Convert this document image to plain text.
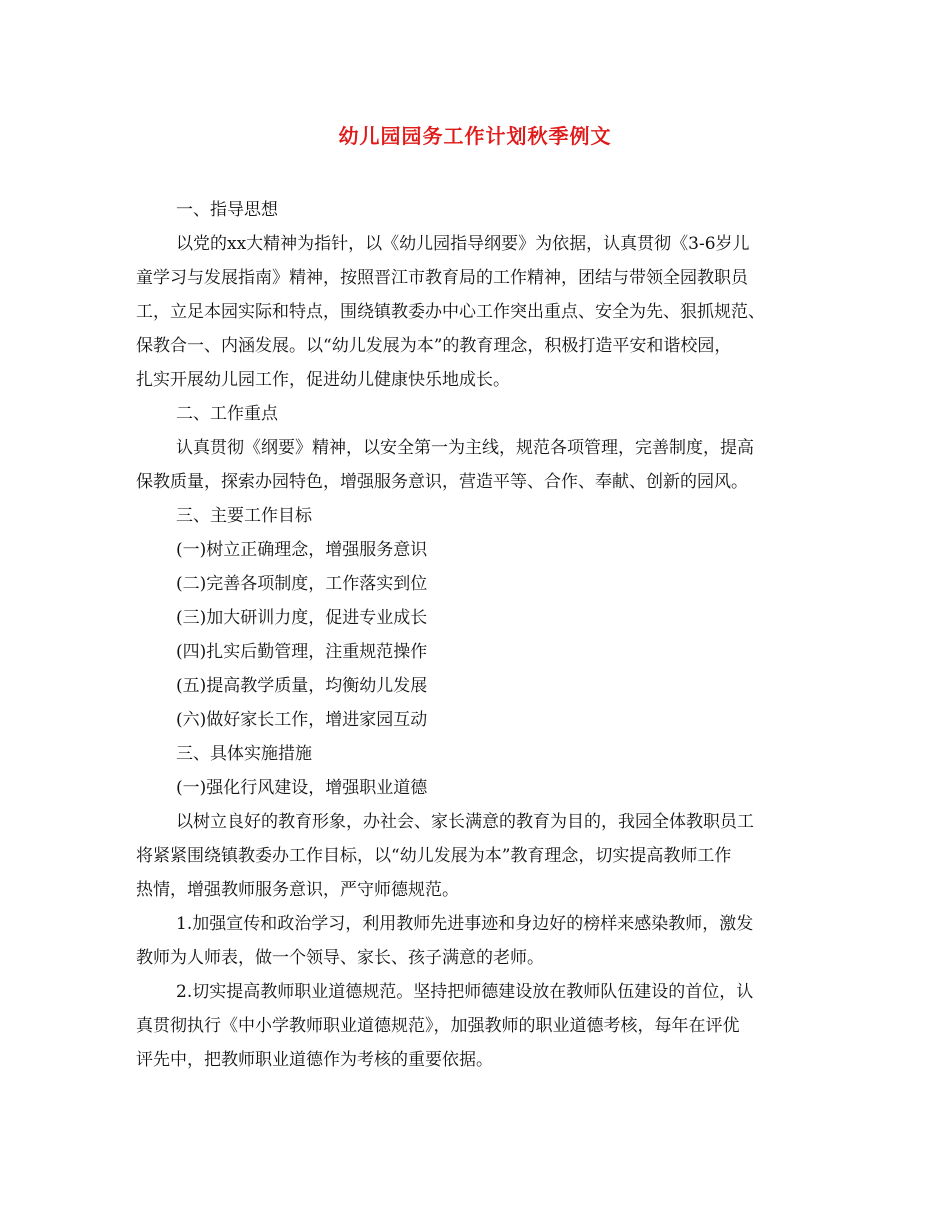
幼儿园园务工作计划秋季例文
一、指导思想
以党的xx大精神为指针，以《幼儿园指导纲要》为依据，认真贯彻《3-6岁儿
童学习与发展指南》精神，按照晋江市教育局的工作精神，团结与带领全园教职员
工，立足本园实际和特点，围绕镇教委办中心工作突出重点、安全为先、狠抓规范、
保教合一、内涵发展。以“幼儿发展为本”的教育理念，积极打造平安和谐校园，
扎实开展幼儿园工作，促进幼儿健康快乐地成长。
二、工作重点
认真贯彻《纲要》精神，以安全第一为主线，规范各项管理，完善制度，提高
保教质量，探索办园特色，增强服务意识，营造平等、合作、奉献、创新的园风。
三、主要工作目标
(一)树立正确理念，增强服务意识
(二)完善各项制度，工作落实到位
(三)加大研训力度，促进专业成长
(四)扎实后勤管理，注重规范操作
(五)提高教学质量，均衡幼儿发展
(六)做好家长工作，增进家园互动
三、具体实施措施
(一)强化行风建设，增强职业道德
以树立良好的教育形象，办社会、家长满意的教育为目的，我园全体教职员工
将紧紧围绕镇教委办工作目标，以“幼儿发展为本”教育理念，切实提高教师工作
热情，增强教师服务意识，严守师德规范。
1.加强宣传和政治学习，利用教师先进事迹和身边好的榜样来感染教师，激发
教师为人师表，做一个领导、家长、孩子满意的老师。
2.切实提高教师职业道德规范。坚持把师德建设放在教师队伍建设的首位，认
真贯彻执行《中小学教师职业道德规范》，加强教师的职业道德考核，每年在评优
评先中，把教师职业道德作为考核的重要依据。
